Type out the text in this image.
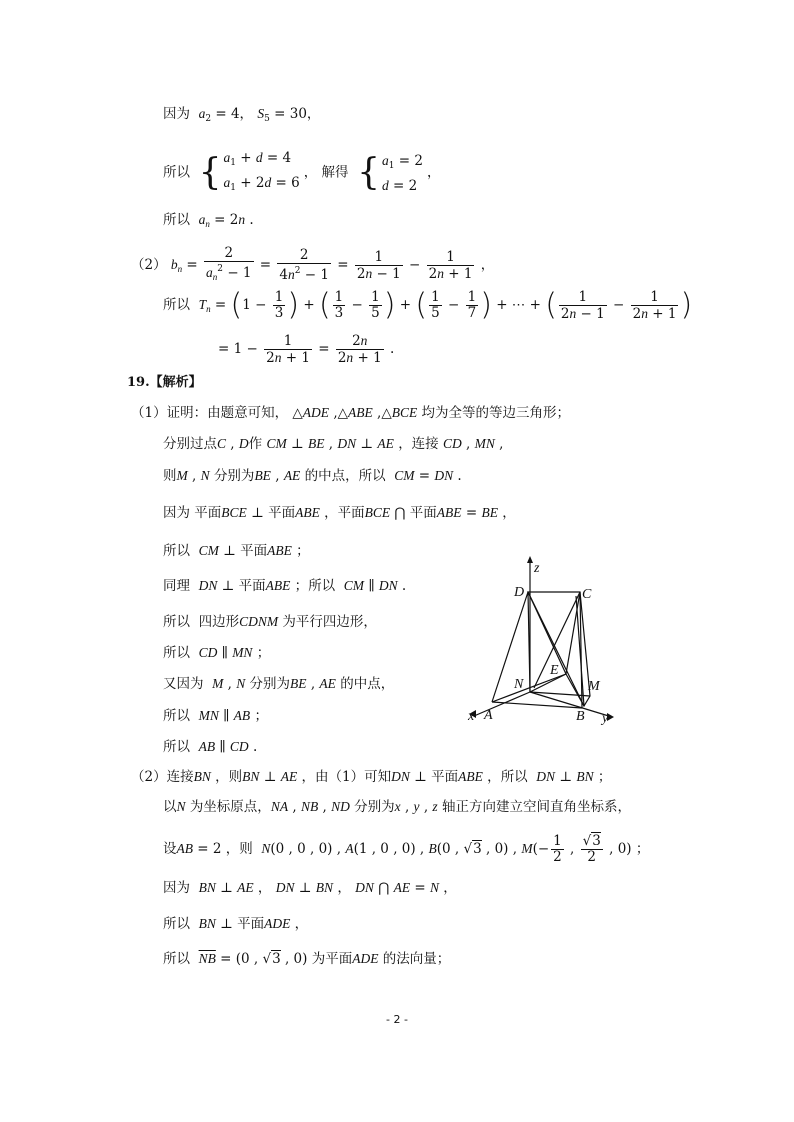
因为 $a_2 = 4$， $S_5 = 30$，
所以 { $a_1 + d = 4$
$a_1 + 2d = 6$， 解得 { $a_1 = 2$
d = 2，
所以 $a_n = 2n$ .
（2） $b_n = \frac{2}{a_n^2 - 1} = \frac{2}{4n^2 - 1} = \frac{1}{2n - 1} - \frac{1}{2n + 1}$ ，
所以 $T_n = (1 - \frac{1}{3}$ ) + ( $\frac{1}{3} - \frac{1}{5}$ ) + ( $\frac{1}{5} - \frac{1}{7}$ ) + ⋯ + ( $\frac{1}{2n - 1} - \frac{1}{2n + 1}$ )
= $1 - \frac{1}{2n + 1} = \frac{2n}{2n + 1}$ .
19.【解析】
（1）证明：由题意可知， △ADE ,△ABE ,△BCE 均为全等的等边三角形；
分别过点C , D作 CM ⊥ BE , DN ⊥ AE ，连接 CD , MN ,
则M , N 分别为BE , AE 的中点，所以 CM = DN .
因为 平面BCE ⊥ 平面ABE ，平面BCE ⋂ 平面ABE = BE ，
所以 CM ⊥ 平面ABE ；
同理 DN ⊥ 平面ABE ；所以 CM ∥ DN .
所以 四边形CDNM 为平行四边形，
所以 CD ∥ MN ；
又因为 M , N 分别为BE , AE 的中点，
所以 MN ∥ AB ；
所以 AB ∥ CD .
z
D	C
E
N	M
x A	B y
（2）连接BN ，则BN ⊥ AE ，由（1）可知DN ⊥ 平面ABE ，所以 DN ⊥ BN ；
以N 为坐标原点，NA , NB , ND 分别为x , y , z 轴正方向建立空间直角坐标系，
设AB = 2 ，则 N(0 , 0 , 0) , A(1 , 0 , 0) , B(0 , √3 , 0) , $M(- \frac{1}{2}$ , $\frac{√3}{2}$ , 0) ；
因为 BN ⊥ AE ， DN ⊥ BN ， DN ⋂ AE = N ，
所以 BN ⊥ 平面ADE ，
所以 $\overline{NB} = (0$ , √3 , 0) 为平面ADE 的法向量；
- 2 -
